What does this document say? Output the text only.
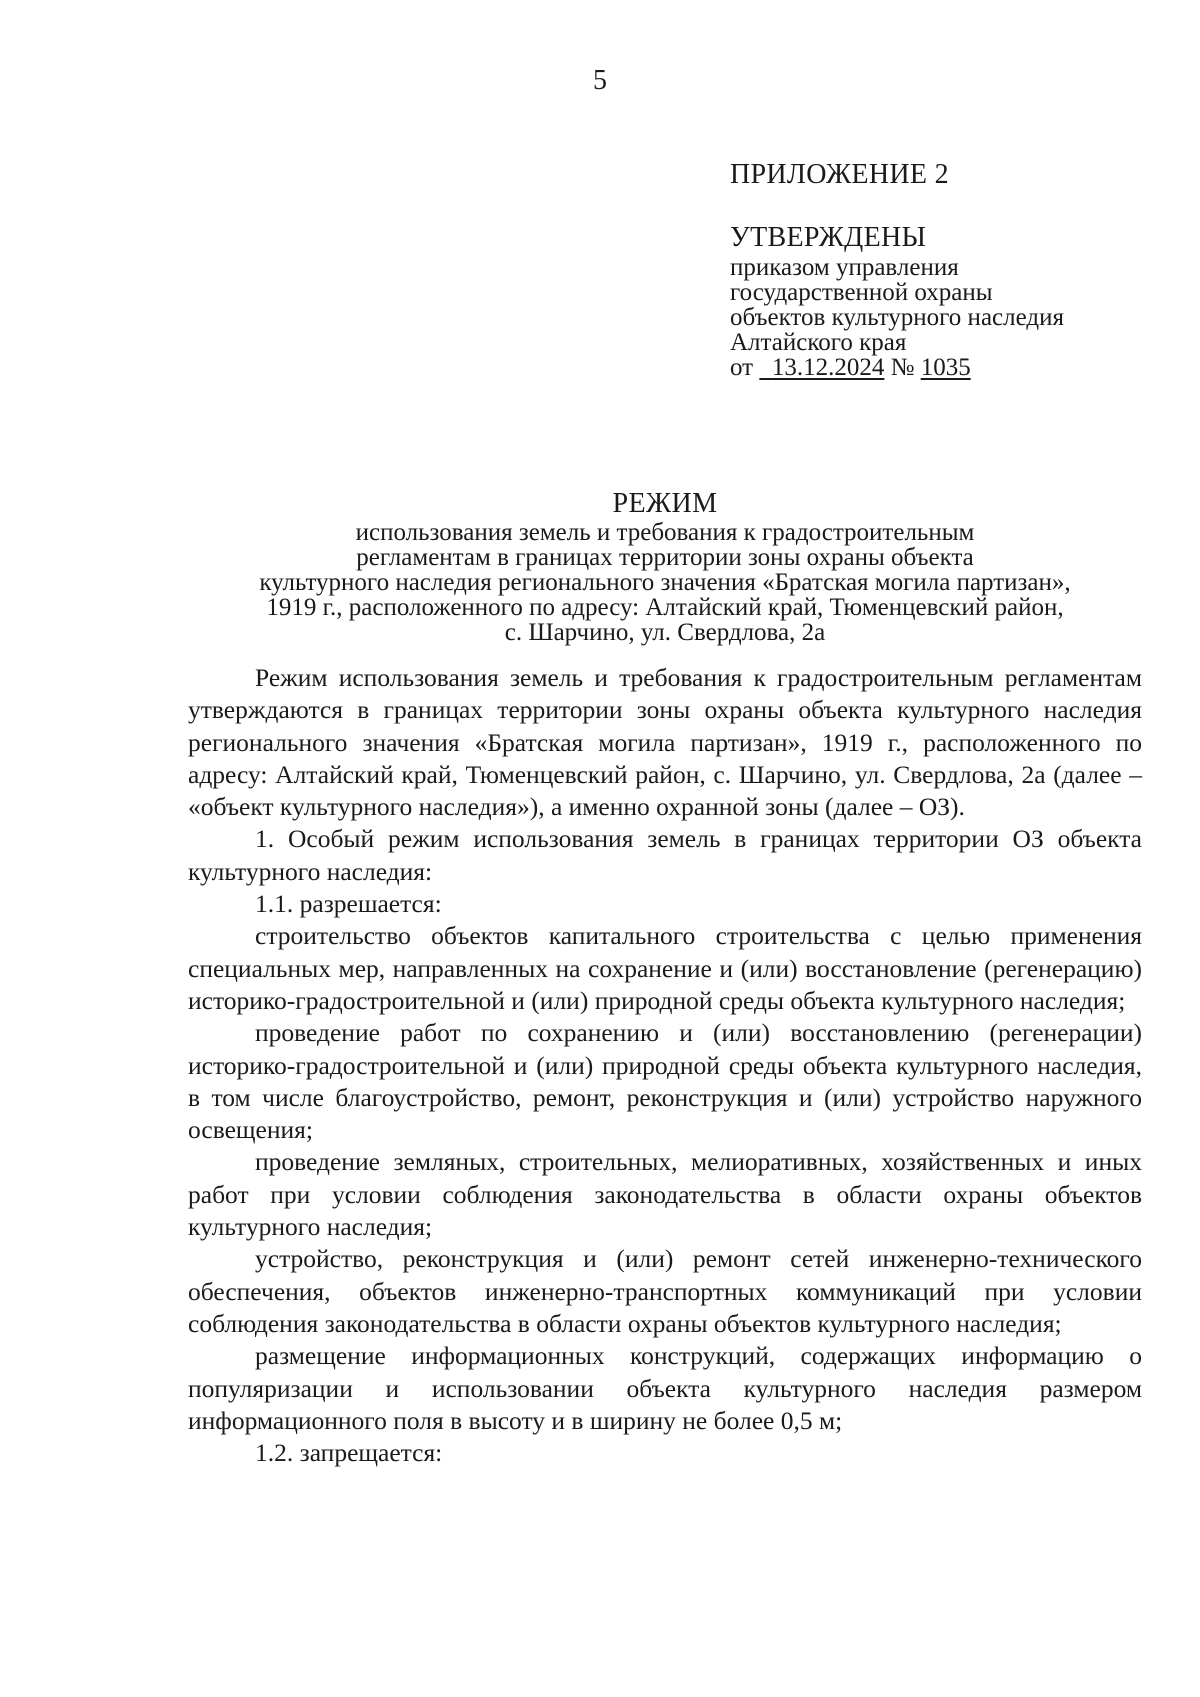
5
ПРИЛОЖЕНИЕ 2
УТВЕРЖДЕНЫ
приказом управления
государственной охраны
объектов культурного наследия
Алтайского края
от 13.12.2024 № 1035
РЕЖИМ
использования земель и требования к градостроительным
регламентам в границах территории зоны охраны объекта
культурного наследия регионального значения «Братская могила партизан»,
1919 г., расположенного по адресу: Алтайский край, Тюменцевский район,
с. Шарчино, ул. Свердлова, 2а

Режим использования земель и требования к градостроительным регламентам утверждаются в границах территории зоны охраны объекта культурного наследия регионального значения «Братская могила партизан», 1919 г., расположенного по адресу: Алтайский край, Тюменцевский район, с. Шарчино, ул. Свердлова, 2а (далее – «объект культурного наследия»), а именно охранной зоны (далее – ОЗ).

1. Особый режим использования земель в границах территории ОЗ объекта культурного наследия:

1.1. разрешается:

строительство объектов капитального строительства с целью применения специальных мер, направленных на сохранение и (или) восстановление (регенерацию) историко-градостроительной и (или) природной среды объекта культурного наследия;

проведение работ по сохранению и (или) восстановлению (регенерации) историко-градостроительной и (или) природной среды объекта культурного наследия, в том числе благоустройство, ремонт, реконструкция и (или) устройство наружного освещения;

проведение земляных, строительных, мелиоративных, хозяйственных и иных работ при условии соблюдения законодательства в области охраны объектов культурного наследия;

устройство, реконструкция и (или) ремонт сетей инженерно-технического обеспечения, объектов инженерно-транспортных коммуникаций при условии соблюдения законодательства в области охраны объектов культурного наследия;

размещение информационных конструкций, содержащих информацию о популяризации и использовании объекта культурного наследия размером информационного поля в высоту и в ширину не более 0,5 м;

1.2. запрещается:
